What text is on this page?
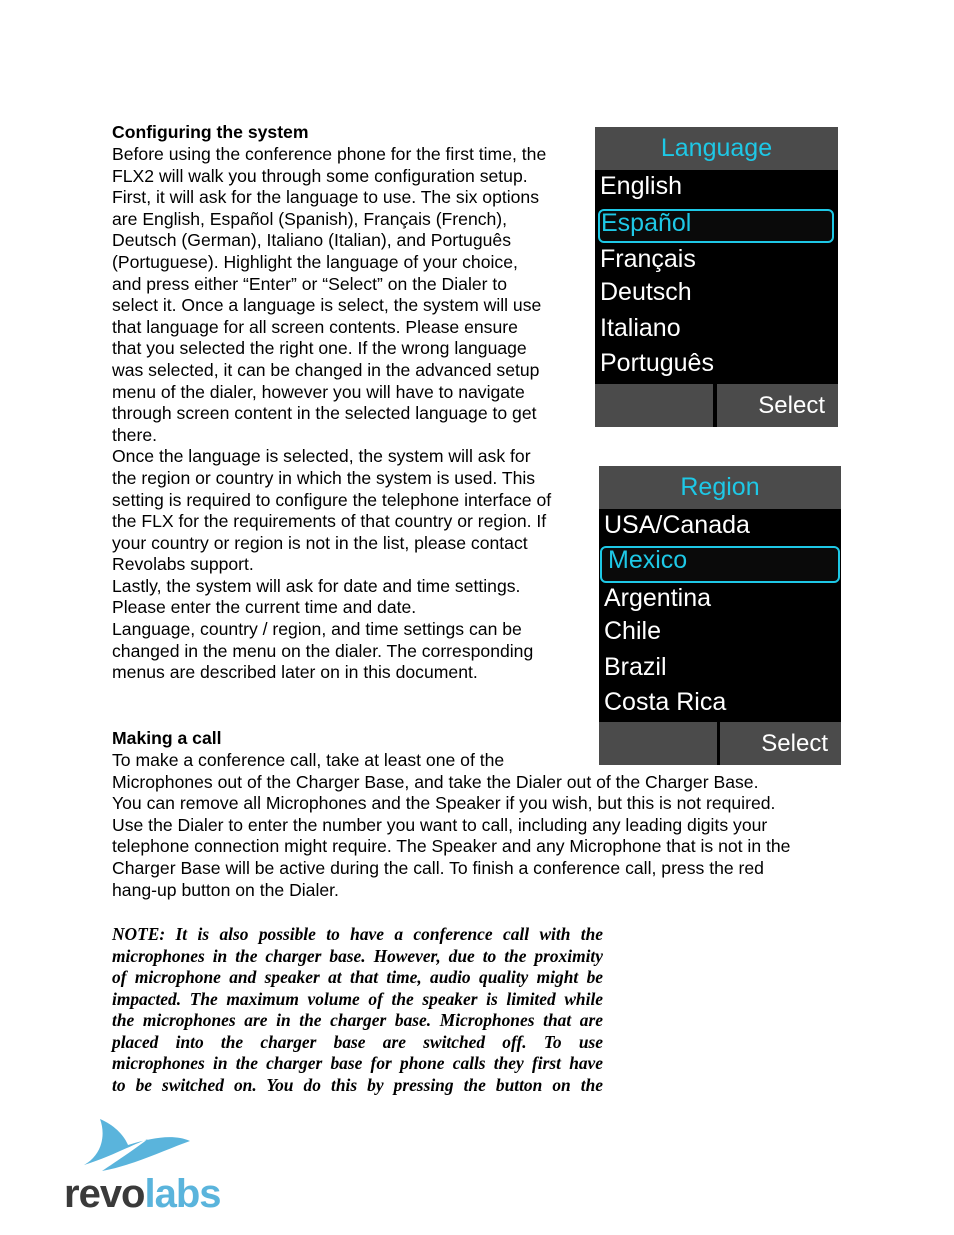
Configuring the system
Before using the conference phone for the first time, the
FLX2 will walk you through some configuration setup.
First, it will ask for the language to use. The six options
are English, Español (Spanish), Français (French),
Deutsch (German), Italiano (Italian), and Português
(Portuguese). Highlight the language of your choice,
and press either “Enter” or “Select” on the Dialer to
select it. Once a language is select, the system will use
that language for all screen contents. Please ensure
that you selected the right one. If the wrong language
was selected, it can be changed in the advanced setup
menu of the dialer, however you will have to navigate
through screen content in the selected language to get
there.
Once the language is selected, the system will ask for
the region or country in which the system is used. This
setting is required to configure the telephone interface of
the FLX for the requirements of that country or region. If
your country or region is not in the list, please contact
Revolabs support.
Lastly, the system will ask for date and time settings.
Please enter the current time and date.
Language, country / region, and time settings can be
changed in the menu on the dialer. The corresponding
menus are described later on in this document.
Making a call
To make a conference call, take at least one of the
Microphones out of the Charger Base, and take the Dialer out of the Charger Base.
You can remove all Microphones and the Speaker if you wish, but this is not required.
Use the Dialer to enter the number you want to call, including any leading digits your
telephone connection might require. The Speaker and any Microphone that is not in the
Charger Base will be active during the call. To finish a conference call, press the red
hang-up button on the Dialer.
NOTE: It is also possible to have a conference call with the
microphones in the charger base. However, due to the proximity
of microphone and speaker at that time, audio quality might be
impacted. The maximum volume of the speaker is limited while
the microphones are in the charger base. Microphones that are
placed into the charger base are switched off. To use
microphones in the charger base for phone calls they first have
to be switched on. You do this by pressing the button on the
Language
English
Español
Français
Deutsch
Italiano
Português
Select
Region
USA/Canada
Mexico
Argentina
Chile
Brazil
Costa Rica
Select
revolabs
